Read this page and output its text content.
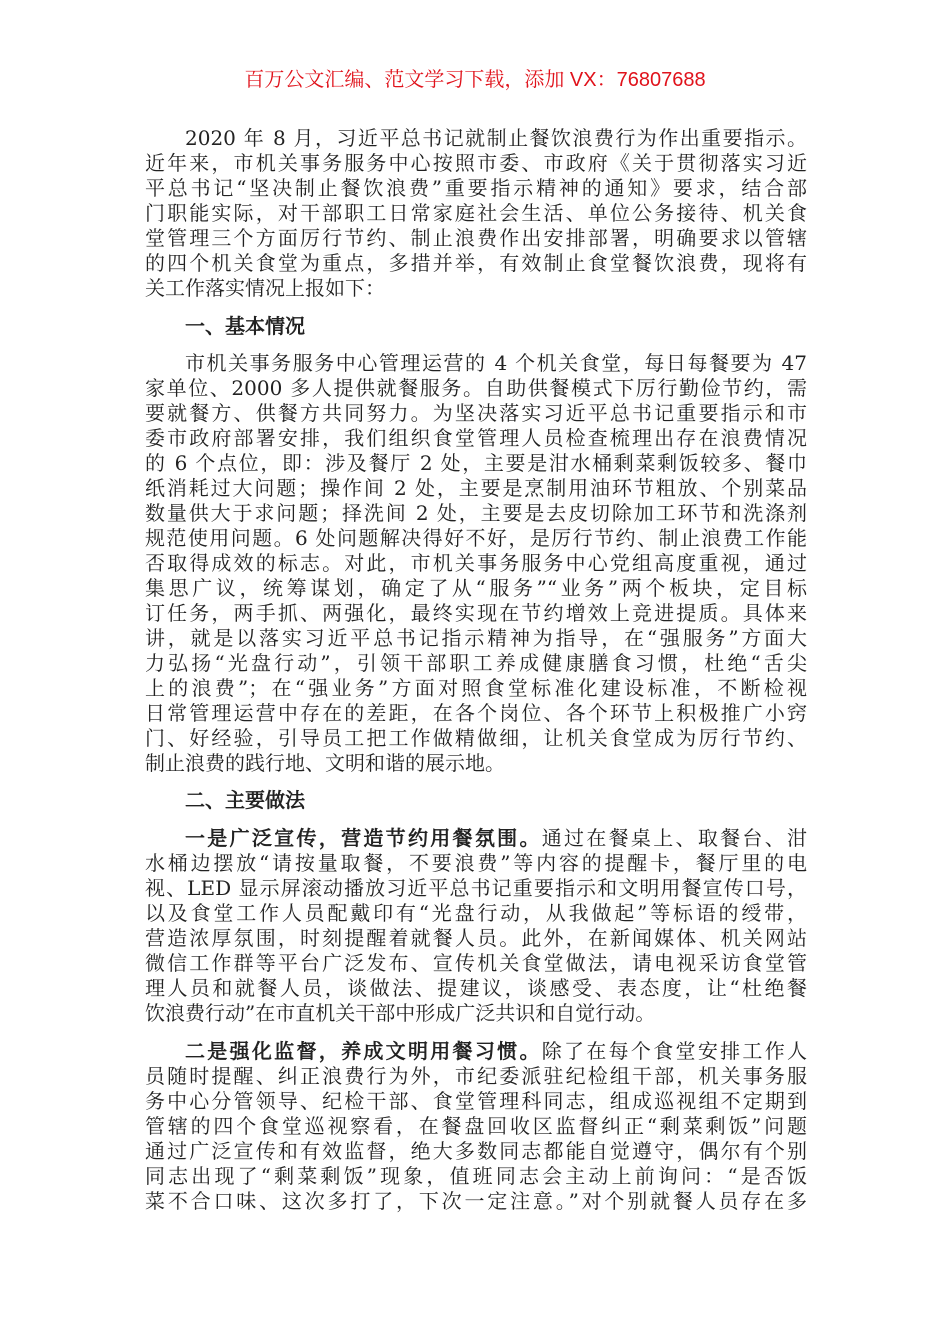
百万公文汇编、范文学习下载，添加 VX：76807688
2020 年 8 月，习近平总书记就制止餐饮浪费行为作出重要指示。
近年来，市机关事务服务中心按照市委、市政府《关于贯彻落实习近
平总书记“坚决制止餐饮浪费”重要指示精神的通知》要求，结合部
门职能实际，对干部职工日常家庭社会生活、单位公务接待、机关食
堂管理三个方面厉行节约、制止浪费作出安排部署，明确要求以管辖
的四个机关食堂为重点，多措并举，有效制止食堂餐饮浪费，现将有
关工作落实情况上报如下：
一、基本情况
市机关事务服务中心管理运营的 4 个机关食堂，每日每餐要为 47
家单位、2000 多人提供就餐服务。自助供餐模式下厉行勤俭节约，需
要就餐方、供餐方共同努力。为坚决落实习近平总书记重要指示和市
委市政府部署安排，我们组织食堂管理人员检查梳理出存在浪费情况
的 6 个点位，即：涉及餐厅 2 处，主要是泔水桶剩菜剩饭较多、餐巾
纸消耗过大问题；操作间 2 处，主要是烹制用油环节粗放、个别菜品
数量供大于求问题；择洗间 2 处，主要是去皮切除加工环节和洗涤剂
规范使用问题。6 处问题解决得好不好，是厉行节约、制止浪费工作能
否取得成效的标志。对此，市机关事务服务中心党组高度重视，通过
集思广议，统筹谋划，确定了从“服务”“业务”两个板块，定目标
订任务，两手抓、两强化，最终实现在节约增效上竞进提质。具体来
讲，就是以落实习近平总书记指示精神为指导，在“强服务”方面大
力弘扬“光盘行动”，引领干部职工养成健康膳食习惯，杜绝“舌尖
上的浪费”；在“强业务”方面对照食堂标准化建设标准，不断检视
日常管理运营中存在的差距，在各个岗位、各个环节上积极推广小窍
门、好经验，引导员工把工作做精做细，让机关食堂成为厉行节约、
制止浪费的践行地、文明和谐的展示地。
二、主要做法
一是广泛宣传，营造节约用餐氛围。通过在餐桌上、取餐台、泔
水桶边摆放“请按量取餐，不要浪费”等内容的提醒卡，餐厅里的电
视、LED 显示屏滚动播放习近平总书记重要指示和文明用餐宣传口号，
以及食堂工作人员配戴印有“光盘行动，从我做起”等标语的绶带，
营造浓厚氛围，时刻提醒着就餐人员。此外，在新闻媒体、机关网站
微信工作群等平台广泛发布、宣传机关食堂做法，请电视采访食堂管
理人员和就餐人员，谈做法、提建议，谈感受、表态度，让“杜绝餐
饮浪费行动”在市直机关干部中形成广泛共识和自觉行动。
二是强化监督，养成文明用餐习惯。除了在每个食堂安排工作人
员随时提醒、纠正浪费行为外，市纪委派驻纪检组干部，机关事务服
务中心分管领导、纪检干部、食堂管理科同志，组成巡视组不定期到
管辖的四个食堂巡视察看，在餐盘回收区监督纠正“剩菜剩饭”问题
通过广泛宣传和有效监督，绝大多数同志都能自觉遵守，偶尔有个别
同志出现了“剩菜剩饭”现象，值班同志会主动上前询问：“是否饭
菜不合口味、这次多打了，下次一定注意。”对个别就餐人员存在多
